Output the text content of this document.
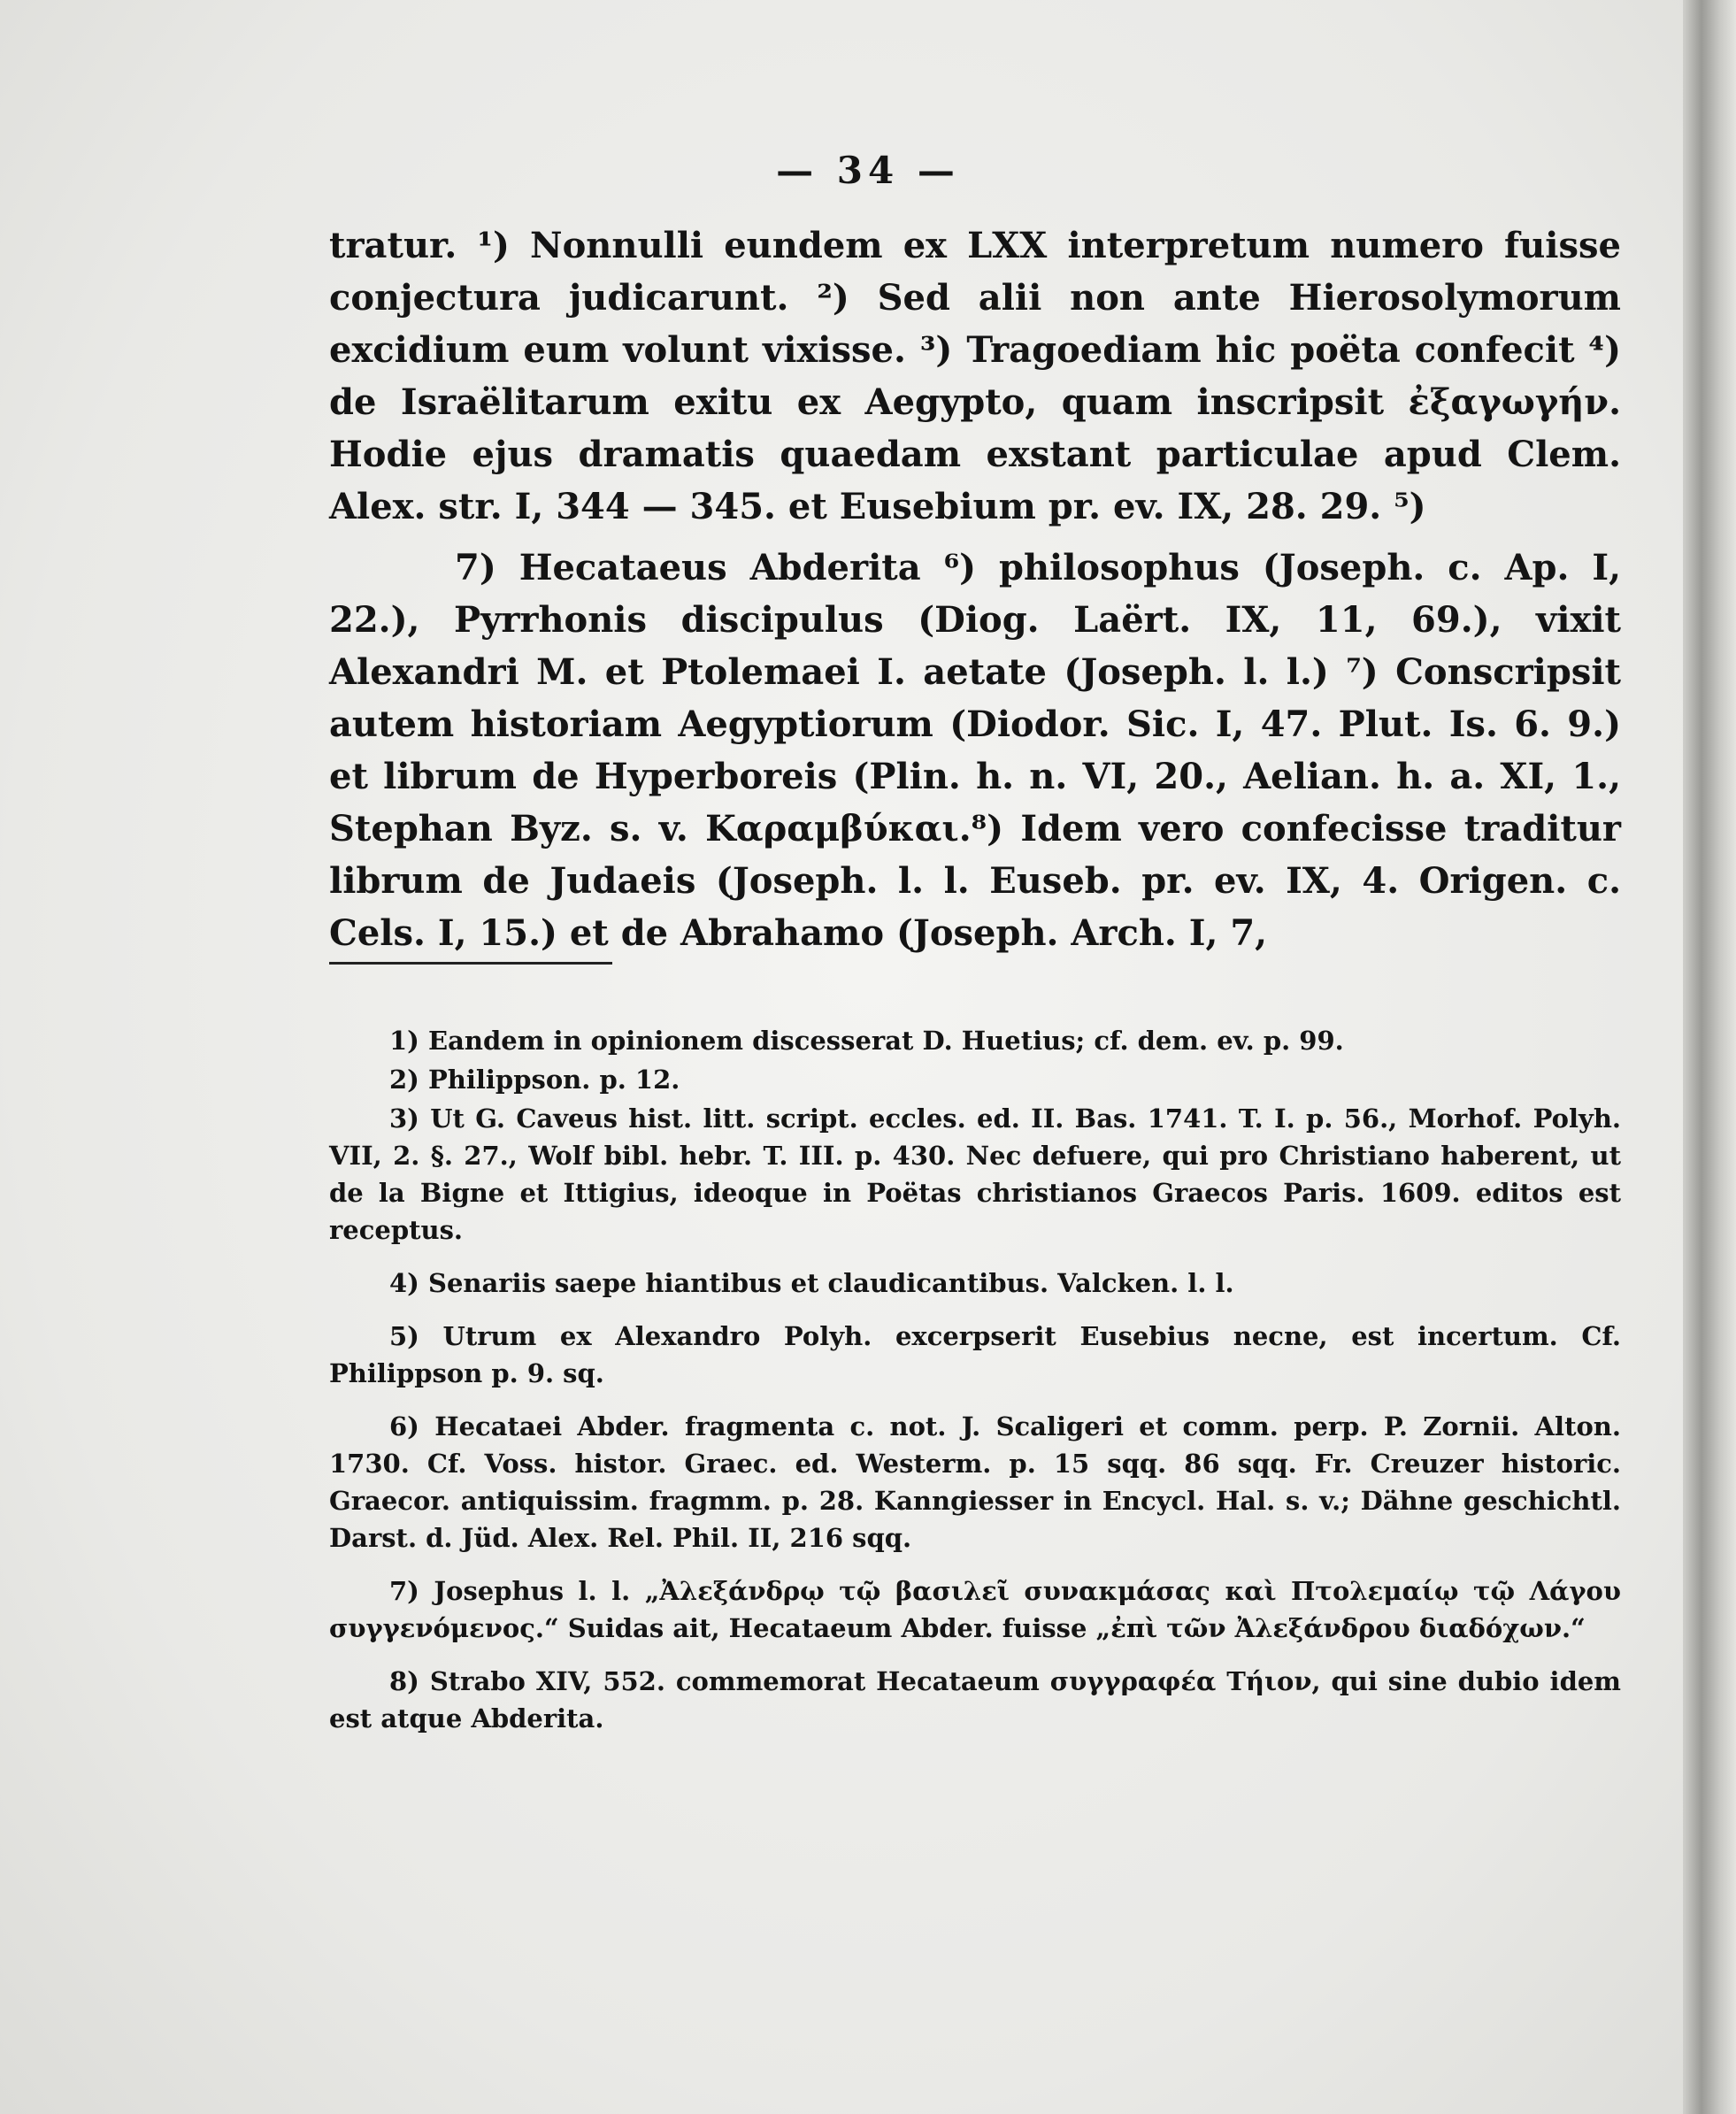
— 34 —

tratur. ¹) Nonnulli eundem ex LXX interpretum numero fuisse conjectura judicarunt. ²) Sed alii non ante Hierosolymorum excidium eum volunt vixisse. ³) Tragoediam hic poëta confecit ⁴) de Israëlitarum exitu ex Aegypto, quam inscripsit ἐξαγωγήν. Hodie ejus dramatis quaedam exstant particulae apud Clem. Alex. str. I, 344 — 345. et Eusebium pr. ev. IX, 28. 29. ⁵)

7) Hecataeus Abderita ⁶) philosophus (Joseph. c. Ap. I, 22.), Pyrrhonis discipulus (Diog. Laërt. IX, 11, 69.), vixit Alexandri M. et Ptolemaei I. aetate (Joseph. l. l.) ⁷) Conscripsit autem historiam Aegyptiorum (Diodor. Sic. I, 47. Plut. Is. 6. 9.) et librum de Hyperboreis (Plin. h. n. VI, 20., Aelian. h. a. XI, 1., Stephan Byz. s. v. Καραμβύκαι.⁸) Idem vero confecisse traditur librum de Judaeis (Joseph. l. l. Euseb. pr. ev. IX, 4. Origen. c. Cels. I, 15.) et de Abrahamo (Joseph. Arch. I, 7,

1) Eandem in opinionem discesserat D. Huetius; cf. dem. ev. p. 99.

2) Philippson. p. 12.

3) Ut G. Caveus hist. litt. script. eccles. ed. II. Bas. 1741. T. I. p. 56., Morhof. Polyh. VII, 2. §. 27., Wolf bibl. hebr. T. III. p. 430. Nec defuere, qui pro Christiano haberent, ut de la Bigne et Ittigius, ideoque in Poëtas christianos Graecos Paris. 1609. editos est receptus.

4) Senariis saepe hiantibus et claudicantibus. Valcken. l. l.

5) Utrum ex Alexandro Polyh. excerpserit Eusebius necne, est incertum. Cf. Philippson p. 9. sq.

6) Hecataei Abder. fragmenta c. not. J. Scaligeri et comm. perp. P. Zornii. Alton. 1730. Cf. Voss. histor. Graec. ed. Westerm. p. 15 sqq. 86 sqq. Fr. Creuzer historic. Graecor. antiquissim. fragmm. p. 28. Kanngiesser in Encycl. Hal. s. v.; Dähne geschichtl. Darst. d. Jüd. Alex. Rel. Phil. II, 216 sqq.

7) Josephus l. l. „Ἀλεξάνδρῳ τῷ βασιλεῖ συνακμάσας καὶ Πτολεμαίῳ τῷ Λάγου συγγενόμενος.“ Suidas ait, Hecataeum Abder. fuisse „ἐπὶ τῶν Ἀλεξάνδρου διαδόχων.“

8) Strabo XIV, 552. commemorat Hecataeum συγγραφέα Τήιον, qui sine dubio idem est atque Abderita.
